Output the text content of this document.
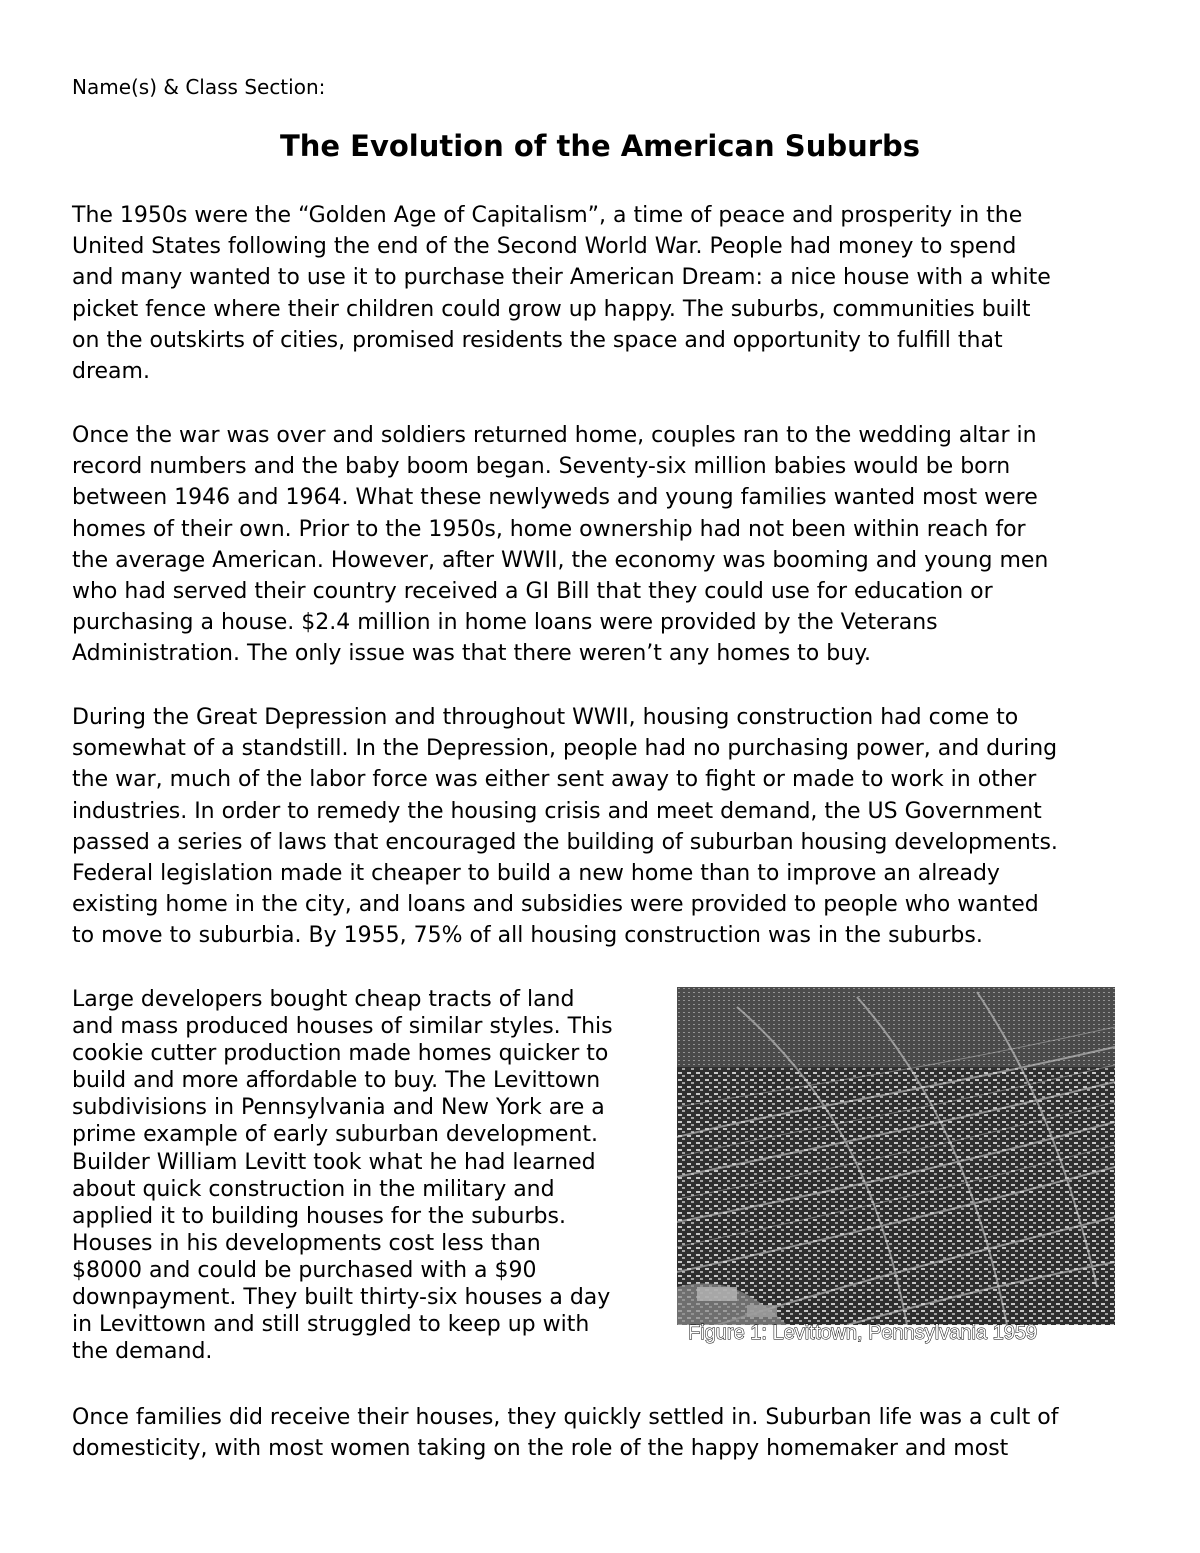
Name(s) & Class Section:
The Evolution of the American Suburbs
The 1950s were the “Golden Age of Capitalism”, a time of peace and prosperity in the
United States following the end of the Second World War. People had money to spend
and many wanted to use it to purchase their American Dream: a nice house with a white
picket fence where their children could grow up happy. The suburbs, communities built
on the outskirts of cities, promised residents the space and opportunity to fulfill that
dream.
Once the war was over and soldiers returned home, couples ran to the wedding altar in
record numbers and the baby boom began. Seventy-six million babies would be born
between 1946 and 1964. What these newlyweds and young families wanted most were
homes of their own. Prior to the 1950s, home ownership had not been within reach for
the average American. However, after WWII, the economy was booming and young men
who had served their country received a GI Bill that they could use for education or
purchasing a house. $2.4 million in home loans were provided by the Veterans
Administration. The only issue was that there weren’t any homes to buy.
During the Great Depression and throughout WWII, housing construction had come to
somewhat of a standstill. In the Depression, people had no purchasing power, and during
the war, much of the labor force was either sent away to fight or made to work in other
industries. In order to remedy the housing crisis and meet demand, the US Government
passed a series of laws that encouraged the building of suburban housing developments.
Federal legislation made it cheaper to build a new home than to improve an already
existing home in the city, and loans and subsidies were provided to people who wanted
to move to suburbia. By 1955, 75% of all housing construction was in the suburbs.
Large developers bought cheap tracts of land
and mass produced houses of similar styles. This
cookie cutter production made homes quicker to
build and more affordable to buy. The Levittown
subdivisions in Pennsylvania and New York are a
prime example of early suburban development.
Builder William Levitt took what he had learned
about quick construction in the military and
applied it to building houses for the suburbs.
Houses in his developments cost less than
$8000 and could be purchased with a $90
downpayment. They built thirty-six houses a day
in Levittown and still struggled to keep up with
the demand.
Figure 1: Levittown, Pennsylvania 1959
Once families did receive their houses, they quickly settled in. Suburban life was a cult of
domesticity, with most women taking on the role of the happy homemaker and most
